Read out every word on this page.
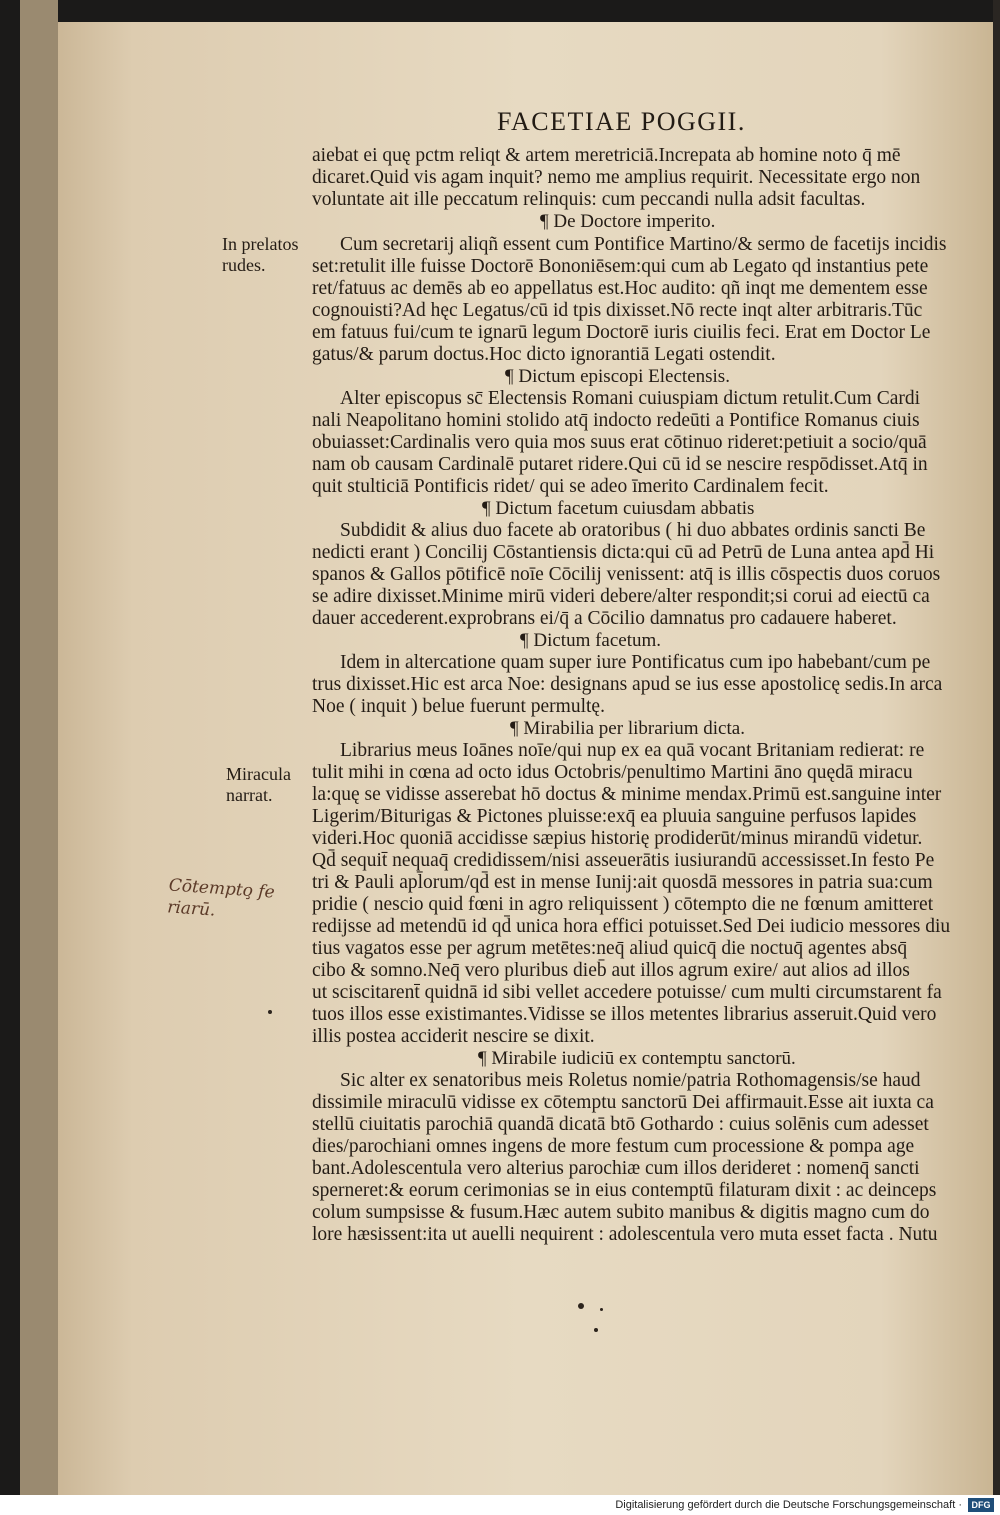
FACETIAE POGGII.
aiebat ei quę pctm reliqt & artem meretriciā.Increpata ab homine noto q̄ mē
dicaret.Quid vis agam inquit? nemo me amplius requirit. Necessitate ergo non
voluntate ait ille peccatum relinquis: cum peccandi nulla adsit facultas.
¶ De Doctore imperito.
Cum secretarij aliqñ essent cum Pontifice Martino/& sermo de facetijs incidis
set:retulit ille fuisse Doctorē Bononiēsem:qui cum ab Legato qd instantius pete
ret/fatuus ac demēs ab eo appellatus est.Hoc audito: qñ inqt me dementem esse
cognouisti?Ad hęc Legatus/cū id tpis dixisset.Nō recte inqt alter arbitraris.Tūc
em fatuus fui/cum te ignarū legum Doctorē iuris ciuilis feci. Erat em Doctor Le
gatus/& parum doctus.Hoc dicto ignorantiā Legati ostendit.
¶ Dictum episcopi Electensis.
Alter episcopus sc̄ Electensis Romani cuiuspiam dictum retulit.Cum Cardi
nali Neapolitano homini stolido atq̄ indocto redeūti a Pontifice Romanus ciuis
obuiasset:Cardinalis vero quia mos suus erat cōtinuo rideret:petiuit a socio/quā
nam ob causam Cardinalē putaret ridere.Qui cū id se nescire respōdisset.Atq̄ in
quit stulticiā Pontificis ridet/ qui se adeo īmerito Cardinalem fecit.
¶ Dictum facetum cuiusdam abbatis
Subdidit & alius duo facete ab oratoribus ( hi duo abbates ordinis sancti Be
nedicti erant ) Concilij Cōstantiensis dicta:qui cū ad Petrū de Luna antea apd̄ Hi
spanos & Gallos pōtificē noīe Cōcilij venissent: atq̄ is illis cōspectis duos coruos
se adire dixisset.Minime mirū videri debere/alter respondit;si corui ad eiectū ca
dauer accederent.exprobrans ei/q̄ a Cōcilio damnatus pro cadauere haberet.
¶ Dictum facetum.
Idem in altercatione quam super iure Pontificatus cum ipo habebant/cum pe
trus dixisset.Hic est arca Noe: designans apud se ius esse apostolicę sedis.In arca
Noe ( inquit ) belue fuerunt permultę.
¶ Mirabilia per librarium dicta.
Librarius meus Ioānes noīe/qui nup ex ea quā vocant Britaniam redierat: re
tulit mihi in cœna ad octo idus Octobris/penultimo Martini āno quędā miracu
la:quę se vidisse asserebat hō doctus & minime mendax.Primū est.sanguine inter
Ligerim/Biturigas & Pictones pluisse:exq̄ ea pluuia sanguine perfusos lapides
videri.Hoc quoniā accidisse sæpius historię prodiderūt/minus mirandū videtur.
Qd̄ sequit̄ nequaq̄ credidissem/nisi asseuerātis iusiurandū accessisset.In festo Pe
tri & Pauli apl̄orum/qd̄ est in mense Iunij:ait quosdā messores in patria sua:cum
pridie ( nescio quid fœni in agro reliquissent ) cōtempto die ne fœnum amitteret
redijsse ad metendū id qd̄ unica hora effici potuisset.Sed Dei iudicio messores diu
tius vagatos esse per agrum metētes:neq̄ aliud quicq̄ die noctuq̄ agentes absq̄
cibo & somno.Neq̄ vero pluribus dieb̄ aut illos agrum exire/ aut alios ad illos
ut sciscitarent̄ quidnā id sibi vellet accedere potuisse/ cum multi circumstarent fa
tuos illos esse existimantes.Vidisse se illos metentes librarius asseruit.Quid vero
illis postea acciderit nescire se dixit.
¶ Mirabile iudiciū ex contemptu sanctorū.
Sic alter ex senatoribus meis Roletus nomie/patria Rothomagensis/se haud
dissimile miraculū vidisse ex cōtemptu sanctorū Dei affirmauit.Esse ait iuxta ca
stellū ciuitatis parochiā quandā dicatā btō Gothardo : cuius solēnis cum adesset
dies/parochiani omnes ingens de more festum cum processione & pompa age
bant.Adolescentula vero alterius parochiæ cum illos derideret : nomenq̄ sancti
sperneret:& eorum cerimonias se in eius contemptū filaturam dixit : ac deinceps
colum sumpsisse & fusum.Hæc autem subito manibus & digitis magno cum do
lore hæsissent:ita ut auelli nequirent : adolescentula vero muta esset facta . Nutu
In prelatos
rudes.
Miracula
narrat.
Cōtempto̧ fe
riarū.
Digitalisierung gefördert durch die Deutsche Forschungsgemeinschaft ·	DFG
